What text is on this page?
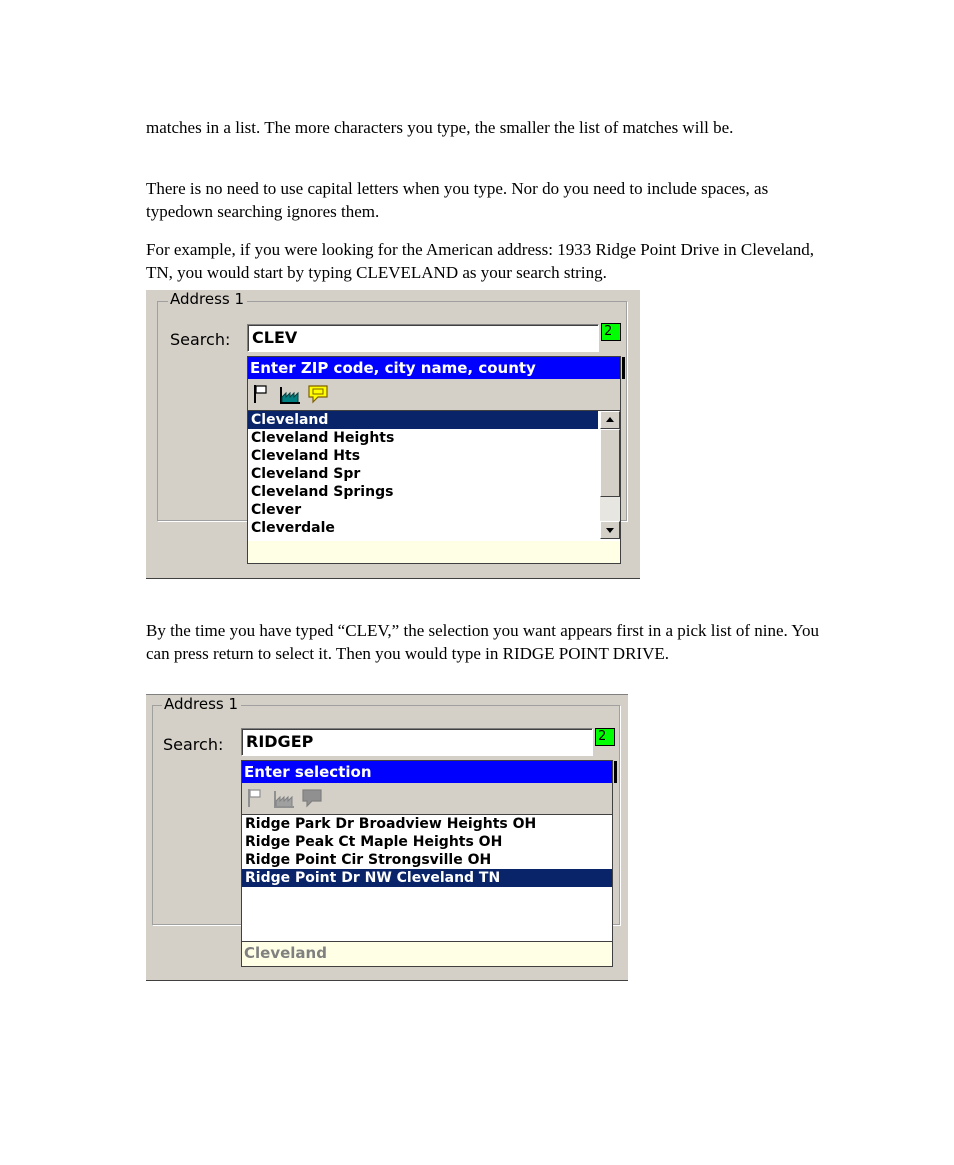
matches in a list. The more characters you type, the smaller the list of matches will be.

There is no need to use capital letters when you type. Nor do you need to include spaces, as typedown searching ignores them.

For example, if you were looking for the American address: 1933 Ridge Point Drive in Cleveland, TN, you would start by typing CLEVELAND as your search string.

Address 1
Search:	CLEV	2
Enter ZIP code, city name, county
Cleveland
Cleveland Heights
Cleveland Hts
Cleveland Spr
Cleveland Springs
Clever
Cleverdale

By the time you have typed “CLEV,” the selection you want appears first in a pick list of nine. You can press return to select it. Then you would type in RIDGE POINT DRIVE.

Address 1
Search:	RIDGEP	2
Enter selection
Ridge Park Dr Broadview Heights OH
Ridge Peak Ct Maple Heights OH
Ridge Point Cir Strongsville OH
Ridge Point Dr NW Cleveland TN
Cleveland
